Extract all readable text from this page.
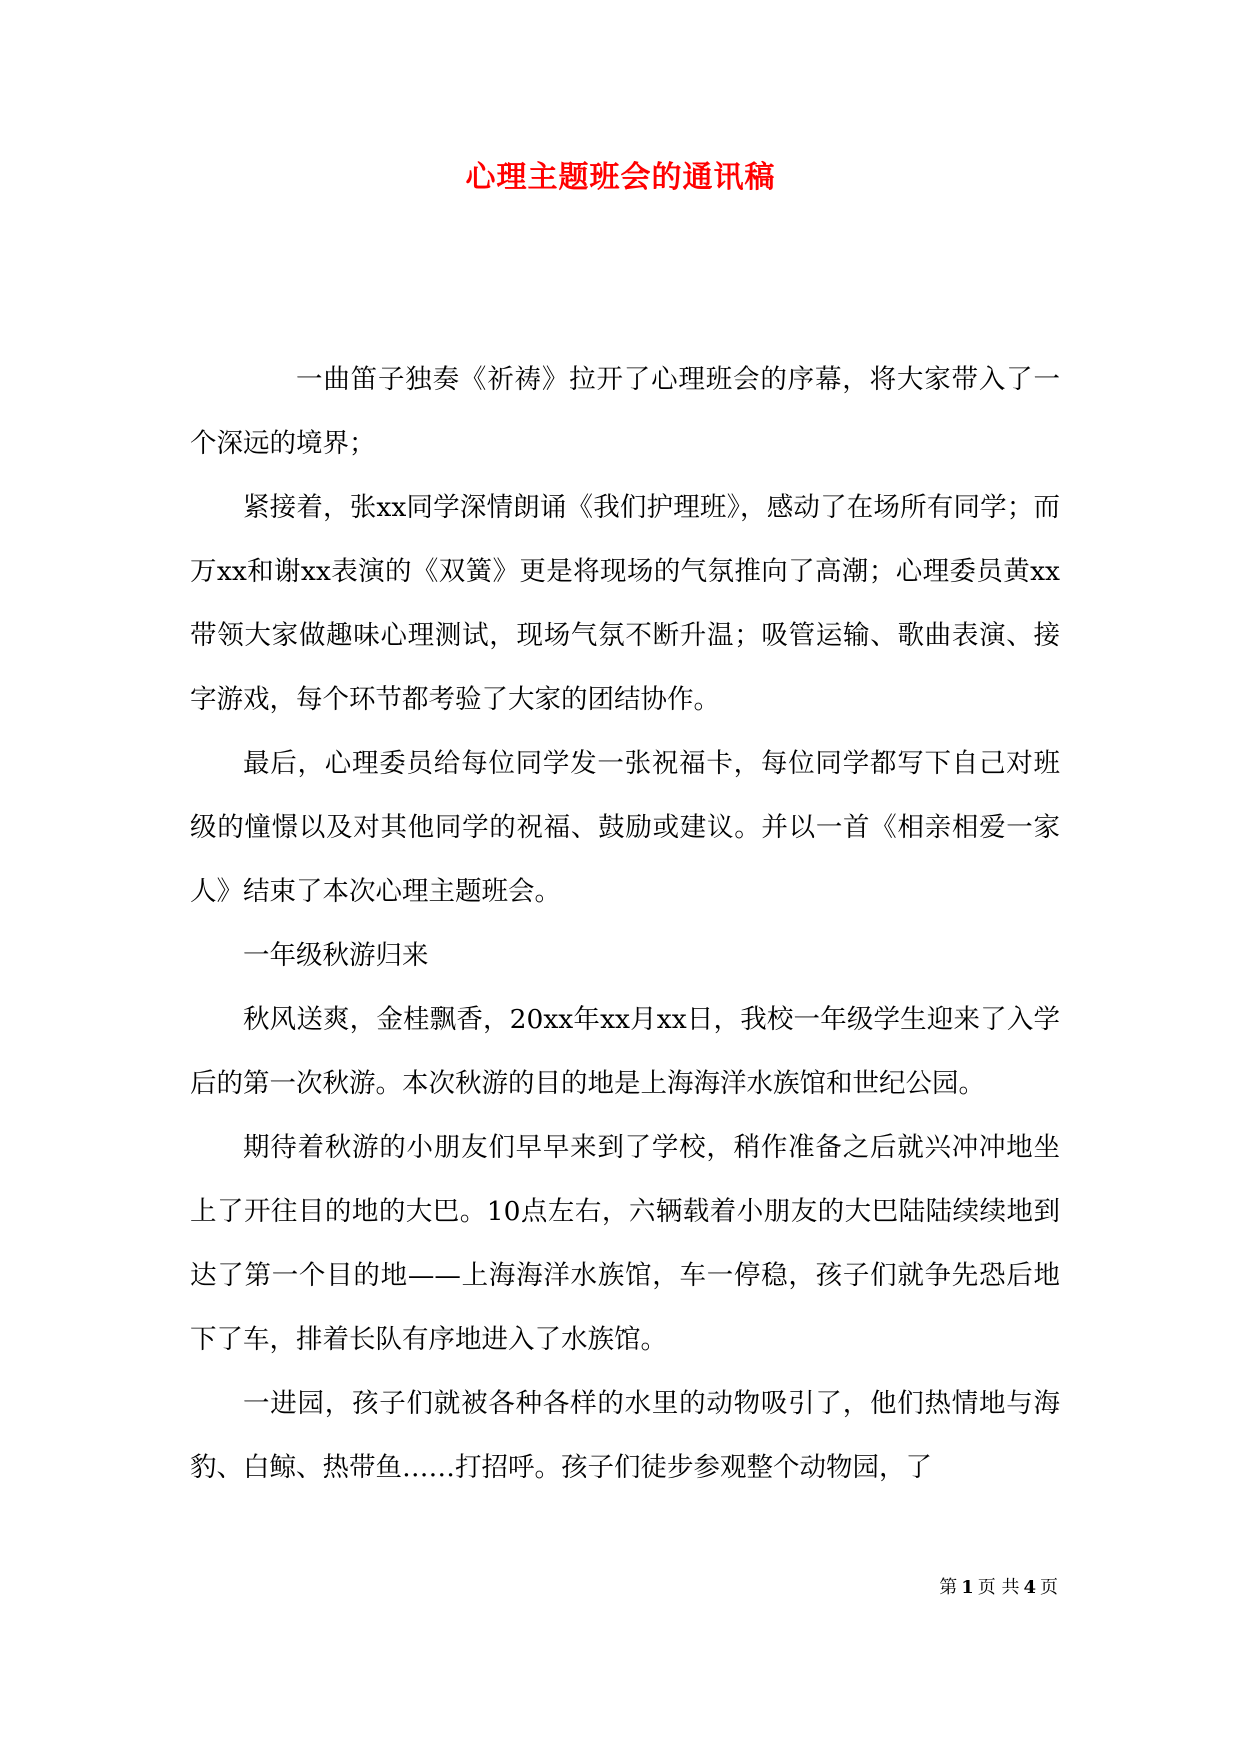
心理主题班会的通讯稿

一曲笛子独奏《祈祷》拉开了心理班会的序幕，将大家带入了一个深远的境界；

紧接着，张xx同学深情朗诵《我们护理班》，感动了在场所有同学；而万xx和谢xx表演的《双簧》更是将现场的气氛推向了高潮；心理委员黄xx带领大家做趣味心理测试，现场气氛不断升温；吸管运输、歌曲表演、接字游戏，每个环节都考验了大家的团结协作。

最后，心理委员给每位同学发一张祝福卡，每位同学都写下自己对班级的憧憬以及对其他同学的祝福、鼓励或建议。并以一首《相亲相爱一家人》结束了本次心理主题班会。

一年级秋游归来

秋风送爽，金桂飘香，20xx年xx月xx日，我校一年级学生迎来了入学后的第一次秋游。本次秋游的目的地是上海海洋水族馆和世纪公园。

期待着秋游的小朋友们早早来到了学校，稍作准备之后就兴冲冲地坐上了开往目的地的大巴。10点左右，六辆载着小朋友的大巴陆陆续续地到达了第一个目的地——上海海洋水族馆，车一停稳，孩子们就争先恐后地下了车，排着长队有序地进入了水族馆。

一进园，孩子们就被各种各样的水里的动物吸引了，他们热情地与海豹、白鲸、热带鱼……打招呼。孩子们徒步参观整个动物园，了

第 1 页 共 4 页
